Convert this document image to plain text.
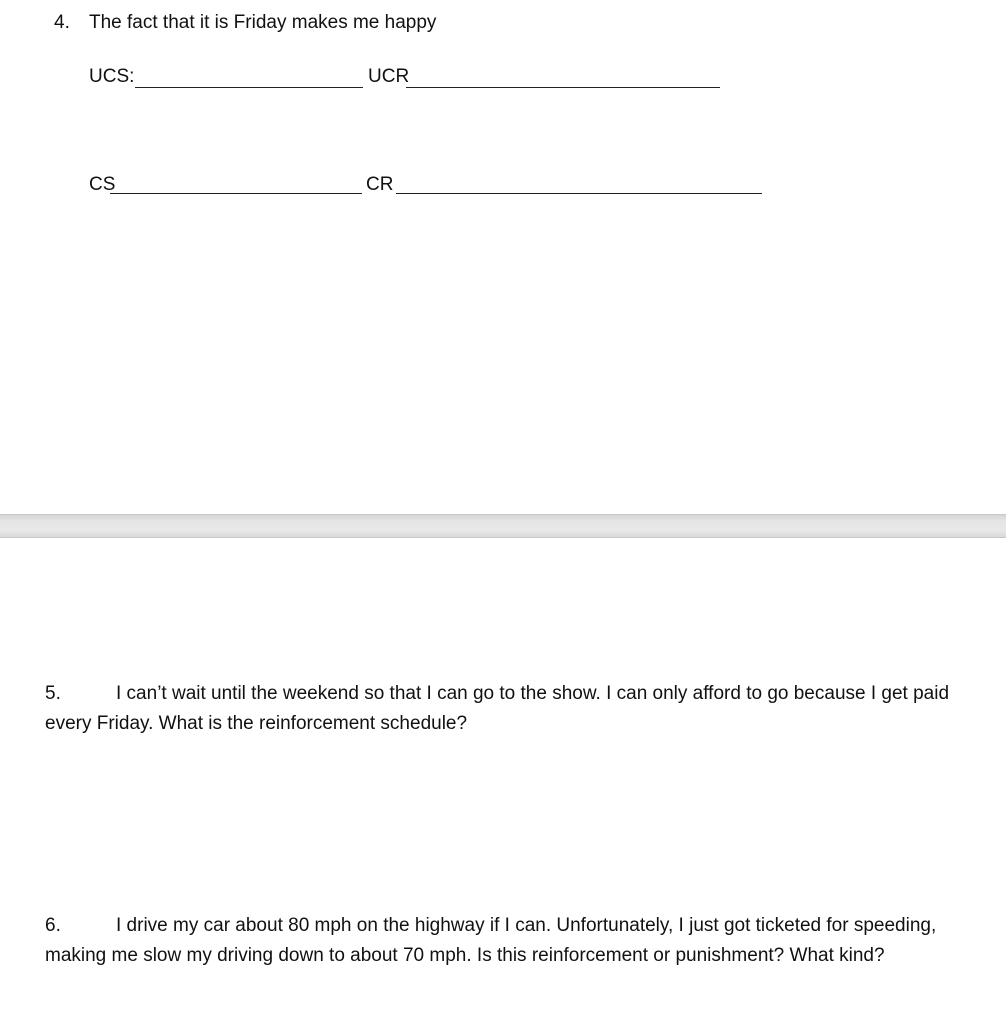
4. The fact that it is Friday makes me happy
UCS:	UCR
CS	CR
5.	I can’t wait until the weekend so that I can go to the show. I can only afford to go because I get paid every Friday. What is the reinforcement schedule?
6.	I drive my car about 80 mph on the highway if I can. Unfortunately, I just got ticketed for speeding, making me slow my driving down to about 70 mph. Is this reinforcement or punishment? What kind?
